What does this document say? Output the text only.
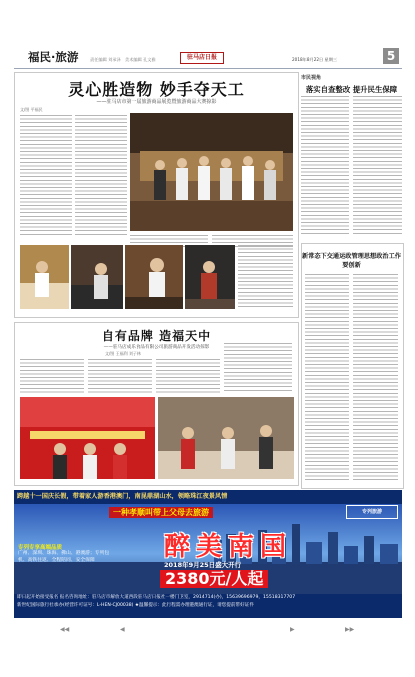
福民·旅游	责任编辑 刘承泽 美术编辑 孔文雅	驻马店日报	2018年8月22日 星期三	5
灵心胜造物 妙手夺天工
——驻马店市第一届旅游商品展览暨旅游商品大赛掠影
文/图 平福民
自有品牌 造福天中
——驻马店成乐食品有限公司旅游商品开发活动掠影
文/图 王福利 刘子林
市民视角
落实自查整改 提升民生保障
新常态下交通运政管理思想政治工作要创新
跨越十一国庆长假，带着家人游香港澳门，南昆鼎湖山水，领略珠江夜景风情
专列旅游
一种孝顺叫带上父母去旅游
醉美南国
专列专享高端品质
广州、深圳、珠海、佛山、港澳游；专列包机、高铁往返、全程陪同、安全保障
2018年9月25日盛大开行
2380元/人起
即日起开始接受报名 报名咨询地址：驻马店市解放大道西段驻马店日报社一楼门卫室，2914714(办)，15639696979，15518317707
新世纪国际旅行社承办(经营许可证号：L-HEN-CJ00038) ★温馨提示：此行程需办理港澳通行证，请您提前带好证件
◀◀	◀	▶	▶▶
